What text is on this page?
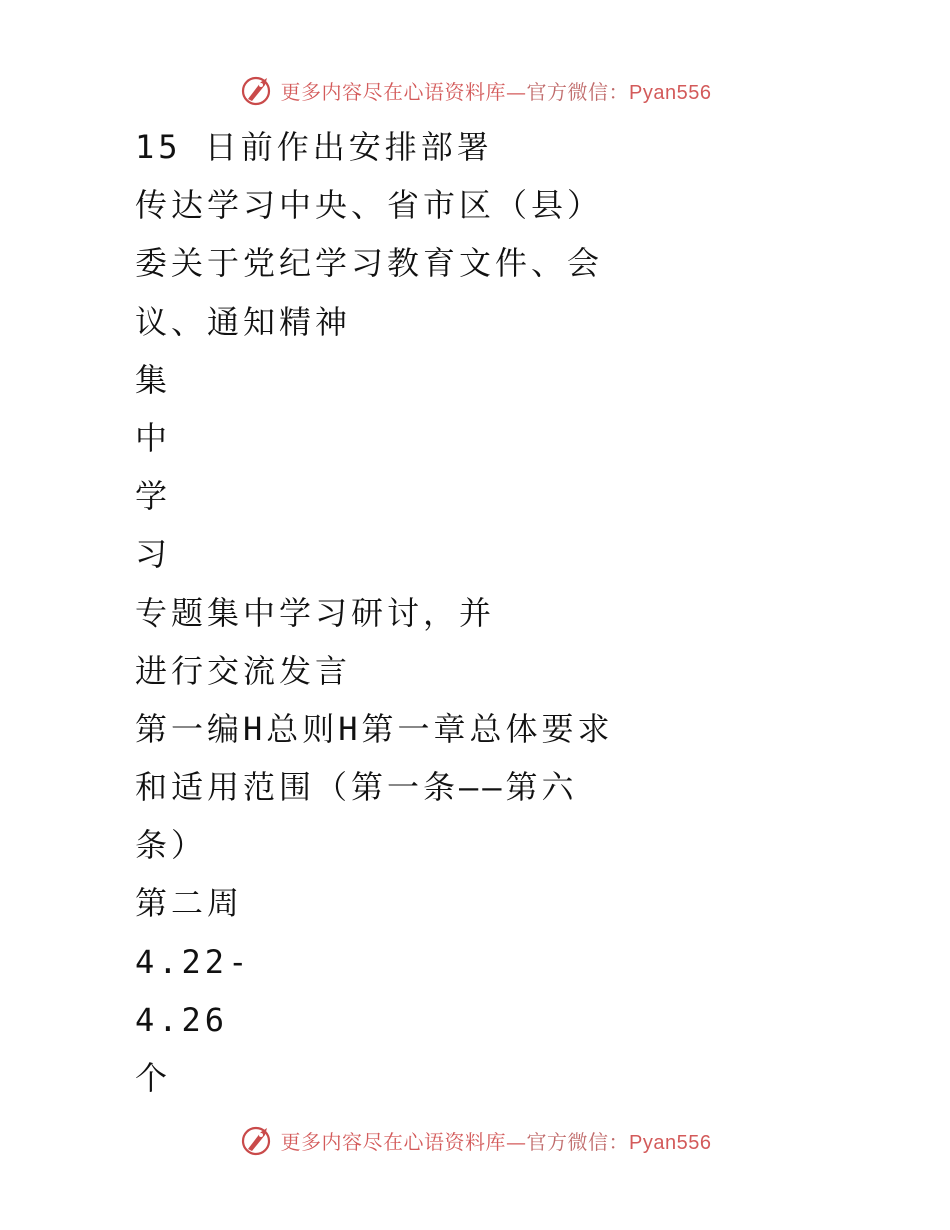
更多内容尽在心语资料库—官方微信：Pyan556
15 日前作出安排部署
传达学习中央、省市区（县）
委关于党纪学习教育文件、会
议、通知精神
集
中
学
习
专题集中学习研讨，并
进行交流发言
第一编H总则H第一章总体要求
和适用范围（第一条——第六
条）
第二周
4.22-
4.26
个
更多内容尽在心语资料库—官方微信：Pyan556
